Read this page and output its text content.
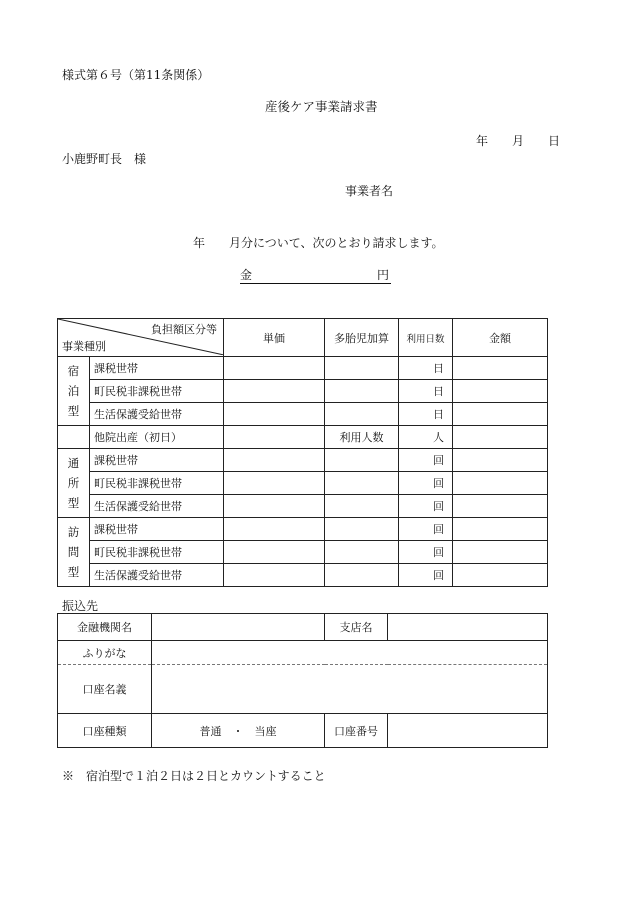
様式第６号（第11条関係）
産後ケア事業請求書
年　　月　　日
小鹿野町長　様
事業者名
年　　月分について、次のとおり請求します。
金	円
負担額区分等
事業種別		単価	多胎児加算	利用日数	金額
宿
泊
型	課税世帯			日	
	町民税非課税世帯			日	
	生活保護受給世帯			日	
	他院出産（初日）		利用人数	人	
通
所
型	課税世帯			回	
	町民税非課税世帯			回	
	生活保護受給世帯			回	
訪
問
型	課税世帯			回	
	町民税非課税世帯			回	
	生活保護受給世帯			回	
振込先
金融機関名		支店名	
ふりがな			
口座名義			
口座種類	普通　・　当座	口座番号	
※　宿泊型で１泊２日は２日とカウントすること
